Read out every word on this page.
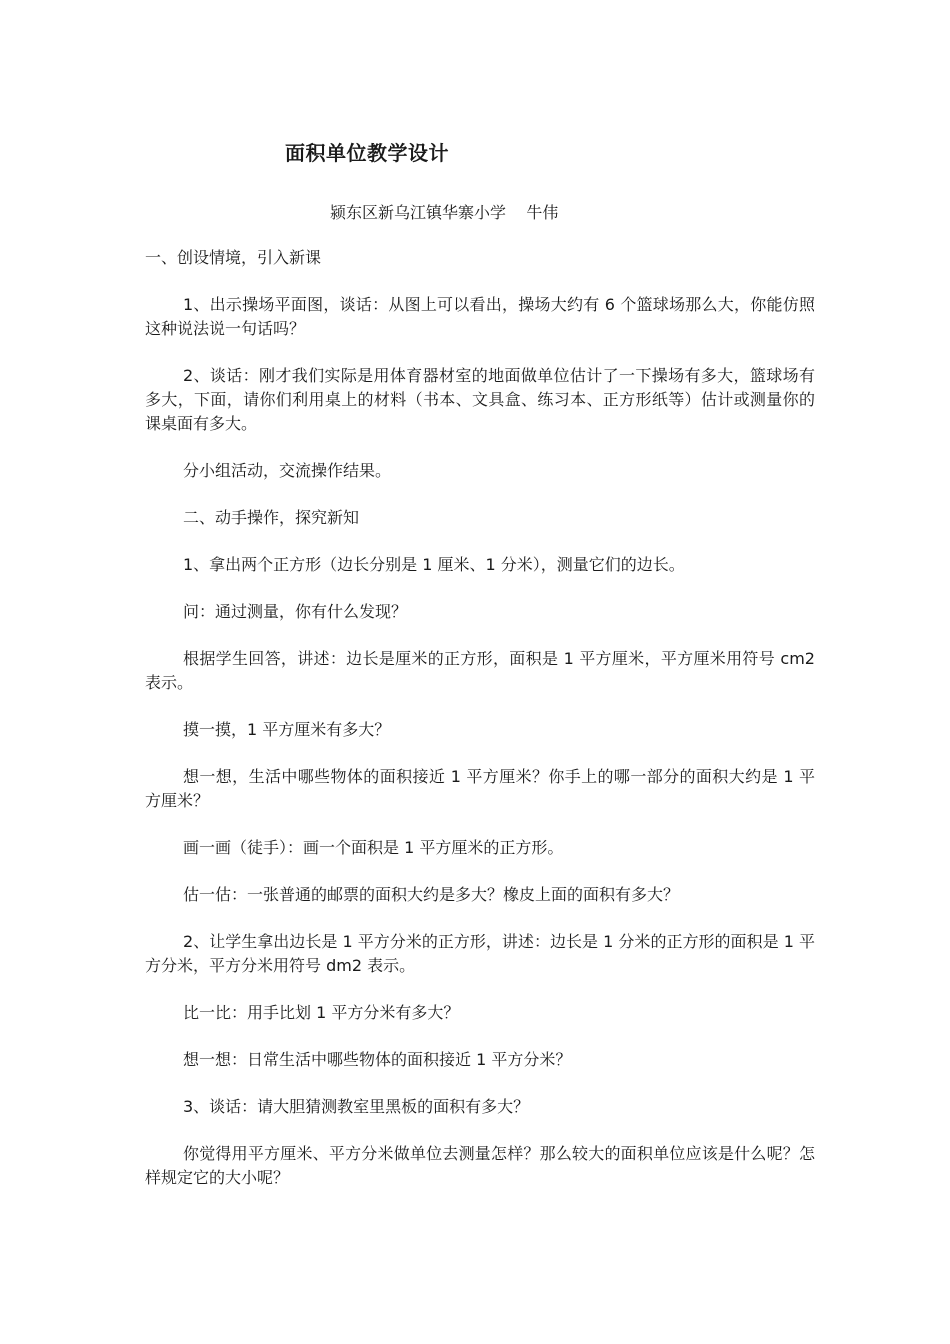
面积单位教学设计

颍东区新乌江镇华寨小学    牛伟

一、创设情境，引入新课

1、出示操场平面图，谈话：从图上可以看出，操场大约有 6 个篮球场那么大，你能仿照这种说法说一句话吗？

2、谈话：刚才我们实际是用体育器材室的地面做单位估计了一下操场有多大，篮球场有多大，下面，请你们利用桌上的材料（书本、文具盒、练习本、正方形纸等）估计或测量你的课桌面有多大。

分小组活动，交流操作结果。

二、动手操作，探究新知

1、拿出两个正方形（边长分别是 1 厘米、1 分米），测量它们的边长。

问：通过测量，你有什么发现？

根据学生回答，讲述：边长是厘米的正方形，面积是 1 平方厘米，平方厘米用符号 cm2 表示。

摸一摸，1 平方厘米有多大？

想一想，生活中哪些物体的面积接近 1 平方厘米？你手上的哪一部分的面积大约是 1 平方厘米？

画一画（徒手）：画一个面积是 1 平方厘米的正方形。

估一估：一张普通的邮票的面积大约是多大？橡皮上面的面积有多大？

2、让学生拿出边长是 1 平方分米的正方形，讲述：边长是 1 分米的正方形的面积是 1 平方分米，平方分米用符号 dm2 表示。

比一比：用手比划 1 平方分米有多大？

想一想：日常生活中哪些物体的面积接近 1 平方分米？

3、谈话：请大胆猜测教室里黑板的面积有多大？

你觉得用平方厘米、平方分米做单位去测量怎样？那么较大的面积单位应该是什么呢？怎样规定它的大小呢？
